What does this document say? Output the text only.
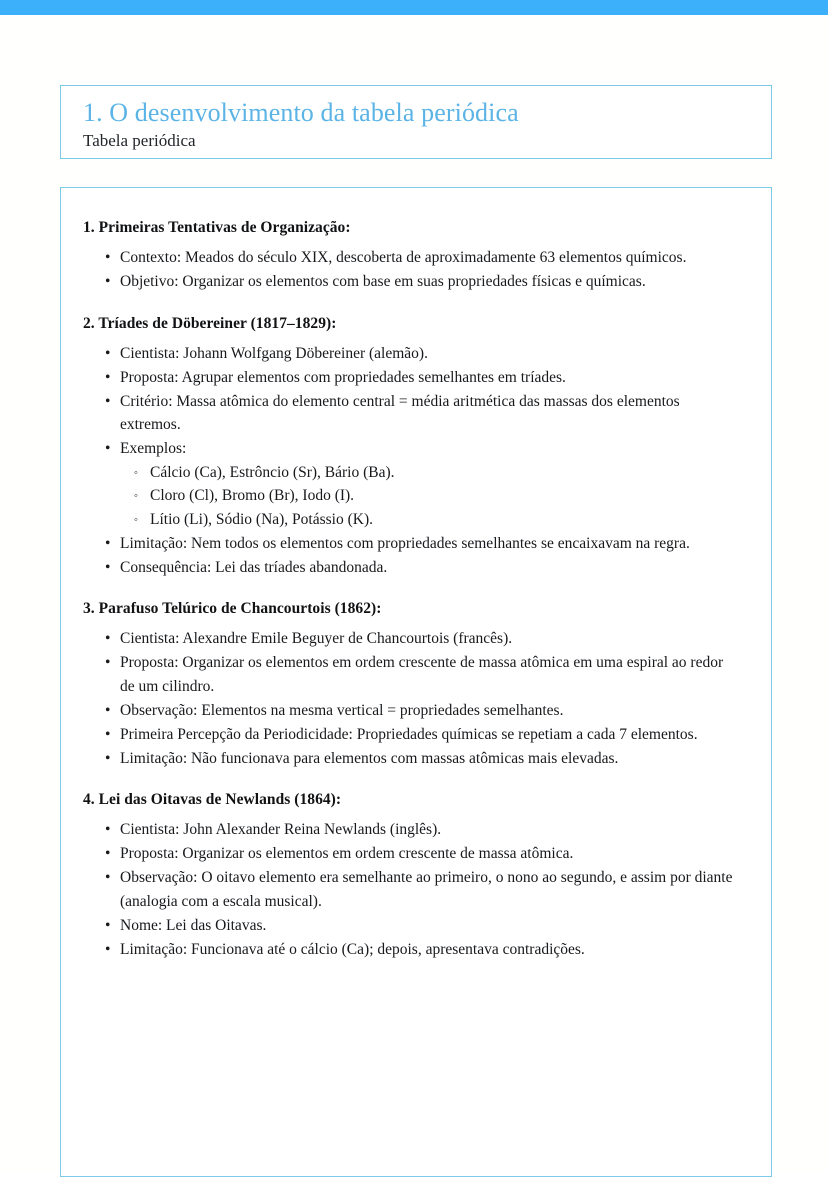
1. O desenvolvimento da tabela periódica
Tabela periódica
1. Primeiras Tentativas de Organização:
• Contexto: Meados do século XIX, descoberta de aproximadamente 63 elementos químicos.
• Objetivo: Organizar os elementos com base em suas propriedades físicas e químicas.
2. Tríades de Döbereiner (1817–1829):
• Cientista: Johann Wolfgang Döbereiner (alemão).
• Proposta: Agrupar elementos com propriedades semelhantes em tríades.
• Critério: Massa atômica do elemento central = média aritmética das massas dos elementos extremos.
• Exemplos:
◦ Cálcio (Ca), Estrôncio (Sr), Bário (Ba).
◦ Cloro (Cl), Bromo (Br), Iodo (I).
◦ Lítio (Li), Sódio (Na), Potássio (K).
• Limitação: Nem todos os elementos com propriedades semelhantes se encaixavam na regra.
• Consequência: Lei das tríades abandonada.
3. Parafuso Telúrico de Chancourtois (1862):
• Cientista: Alexandre Emile Beguyer de Chancourtois (francês).
• Proposta: Organizar os elementos em ordem crescente de massa atômica em uma espiral ao redor de um cilindro.
• Observação: Elementos na mesma vertical = propriedades semelhantes.
• Primeira Percepção da Periodicidade: Propriedades químicas se repetiam a cada 7 elementos.
• Limitação: Não funcionava para elementos com massas atômicas mais elevadas.
4. Lei das Oitavas de Newlands (1864):
• Cientista: John Alexander Reina Newlands (inglês).
• Proposta: Organizar os elementos em ordem crescente de massa atômica.
• Observação: O oitavo elemento era semelhante ao primeiro, o nono ao segundo, e assim por diante (analogia com a escala musical).
• Nome: Lei das Oitavas.
• Limitação: Funcionava até o cálcio (Ca); depois, apresentava contradições.
